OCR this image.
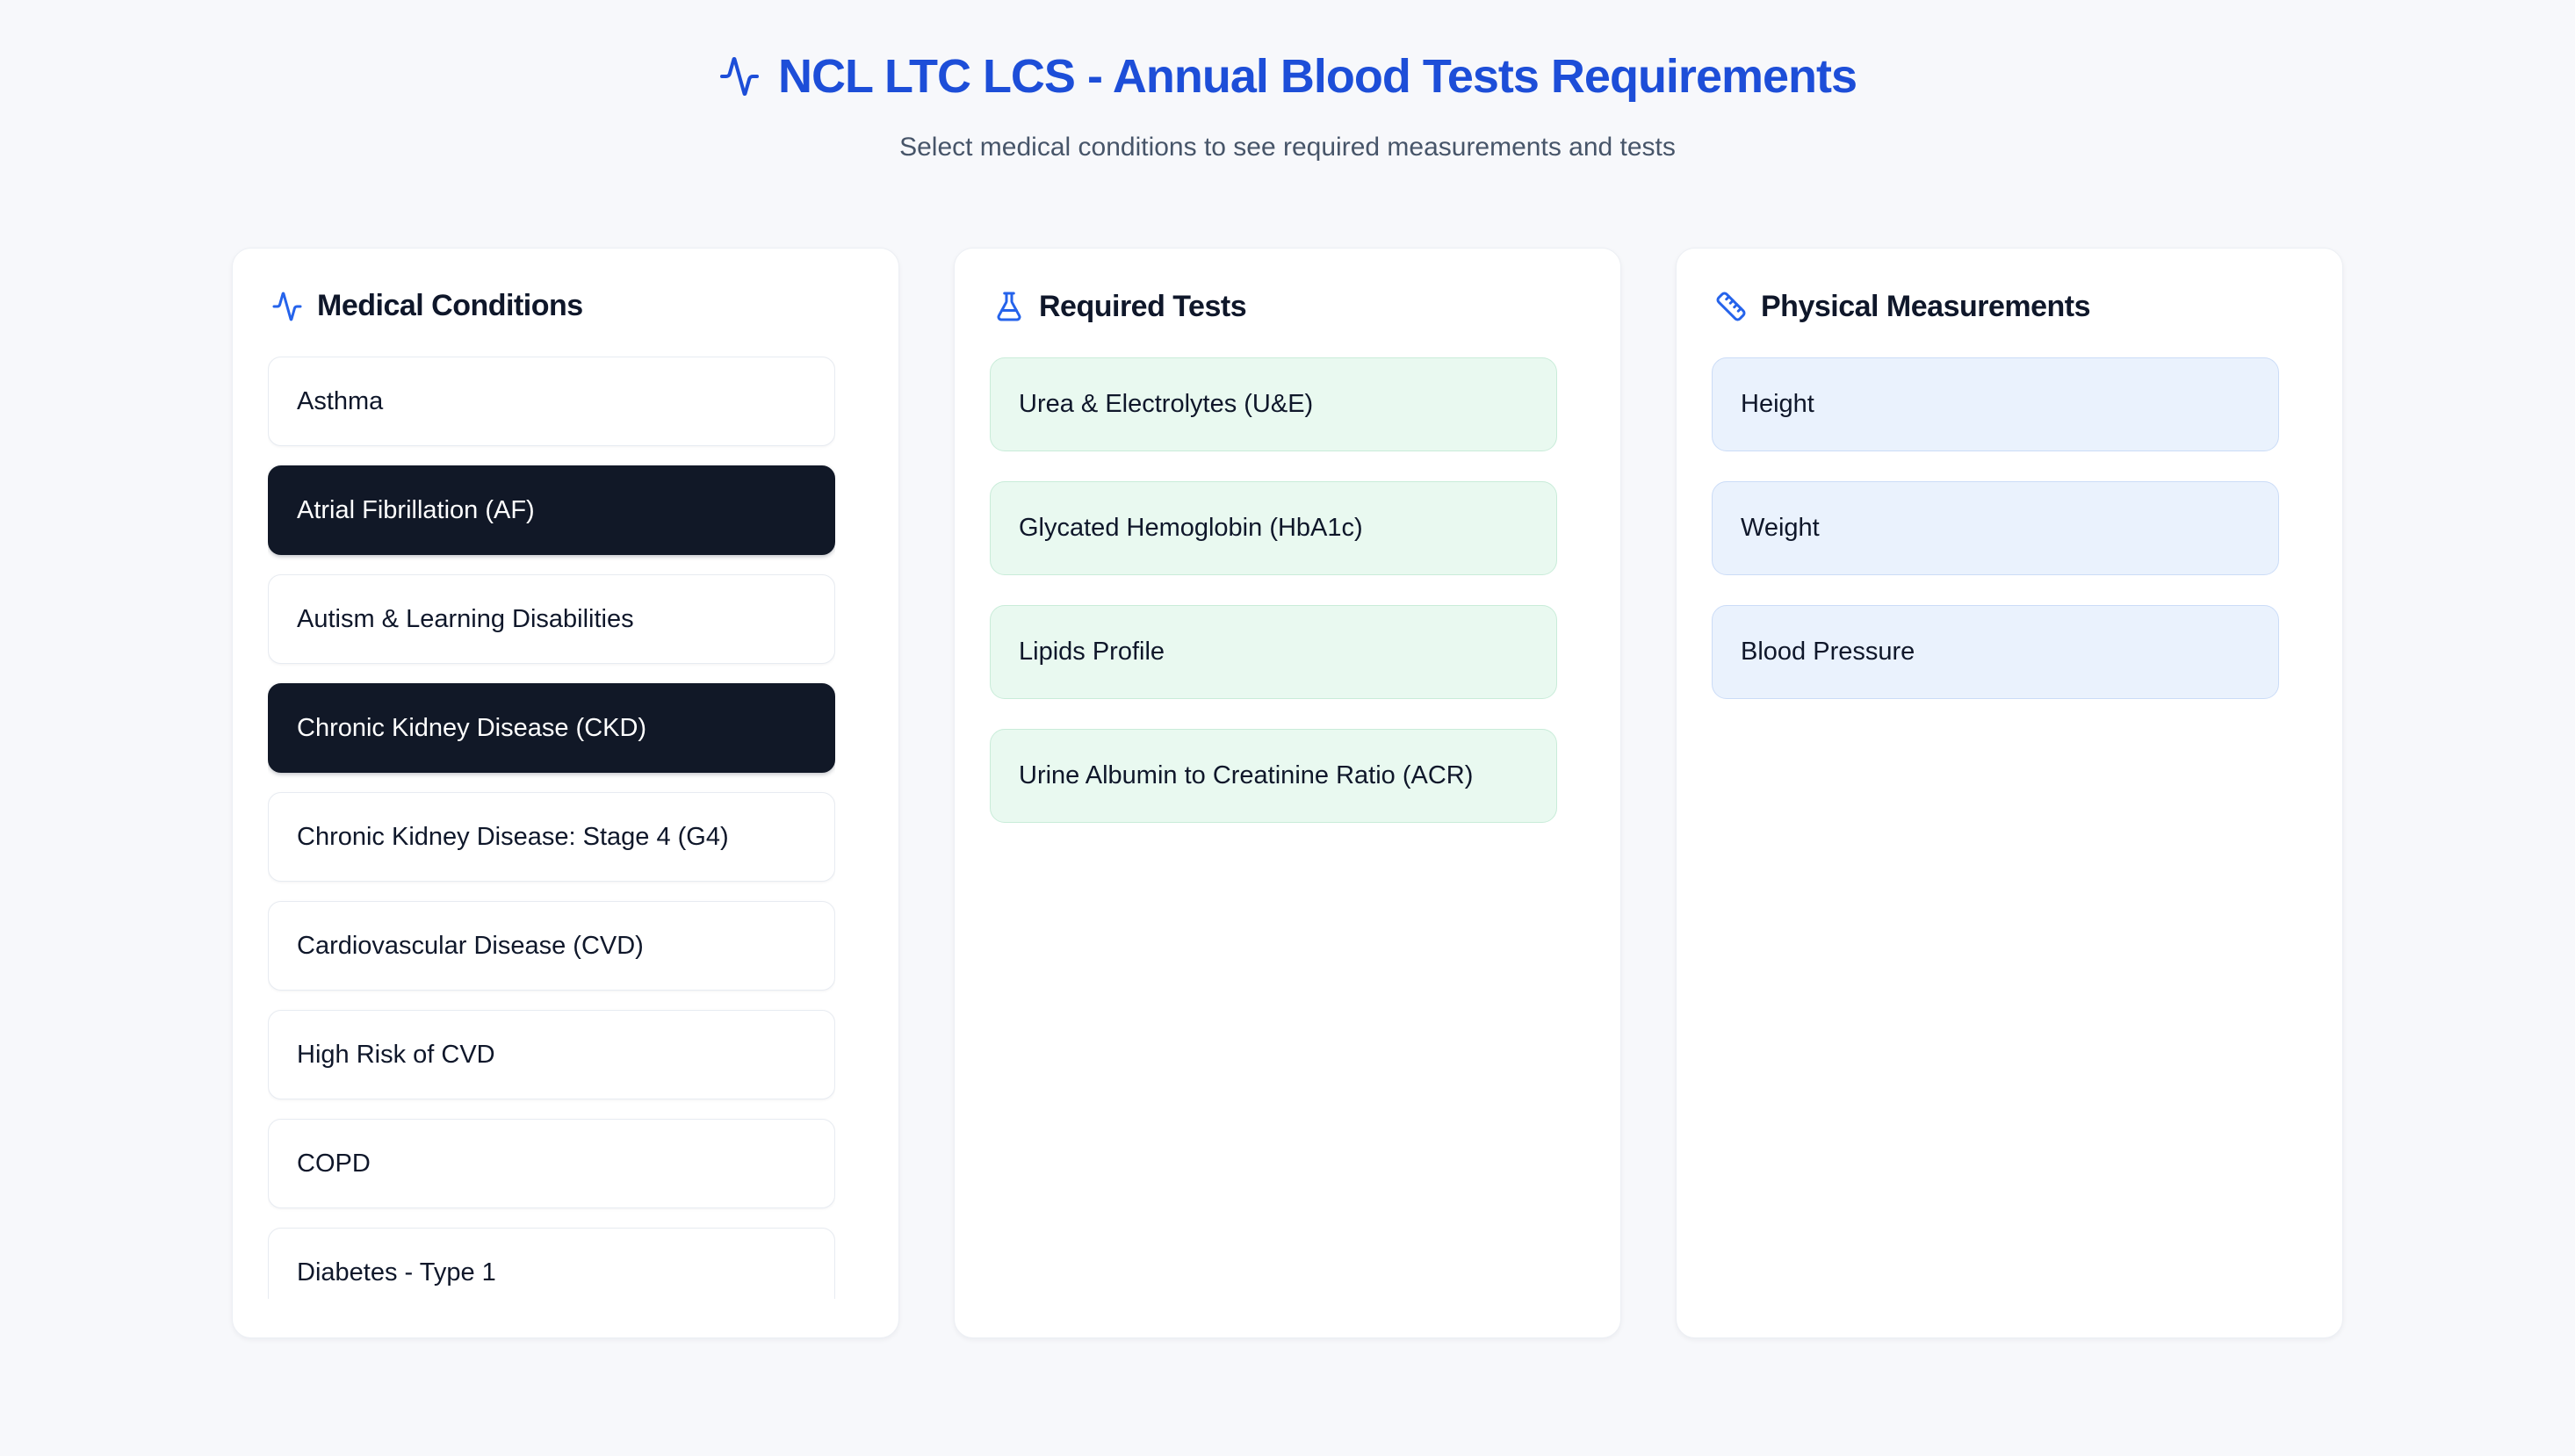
NCL LTC LCS - Annual Blood Tests Requirements
Select medical conditions to see required measurements and tests
Medical Conditions
Asthma
Atrial Fibrillation (AF)
Autism & Learning Disabilities
Chronic Kidney Disease (CKD)
Chronic Kidney Disease: Stage 4 (G4)
Cardiovascular Disease (CVD)
High Risk of CVD
COPD
Diabetes - Type 1
Required Tests
Urea & Electrolytes (U&E)
Glycated Hemoglobin (HbA1c)
Lipids Profile
Urine Albumin to Creatinine Ratio (ACR)
Physical Measurements
Height
Weight
Blood Pressure
